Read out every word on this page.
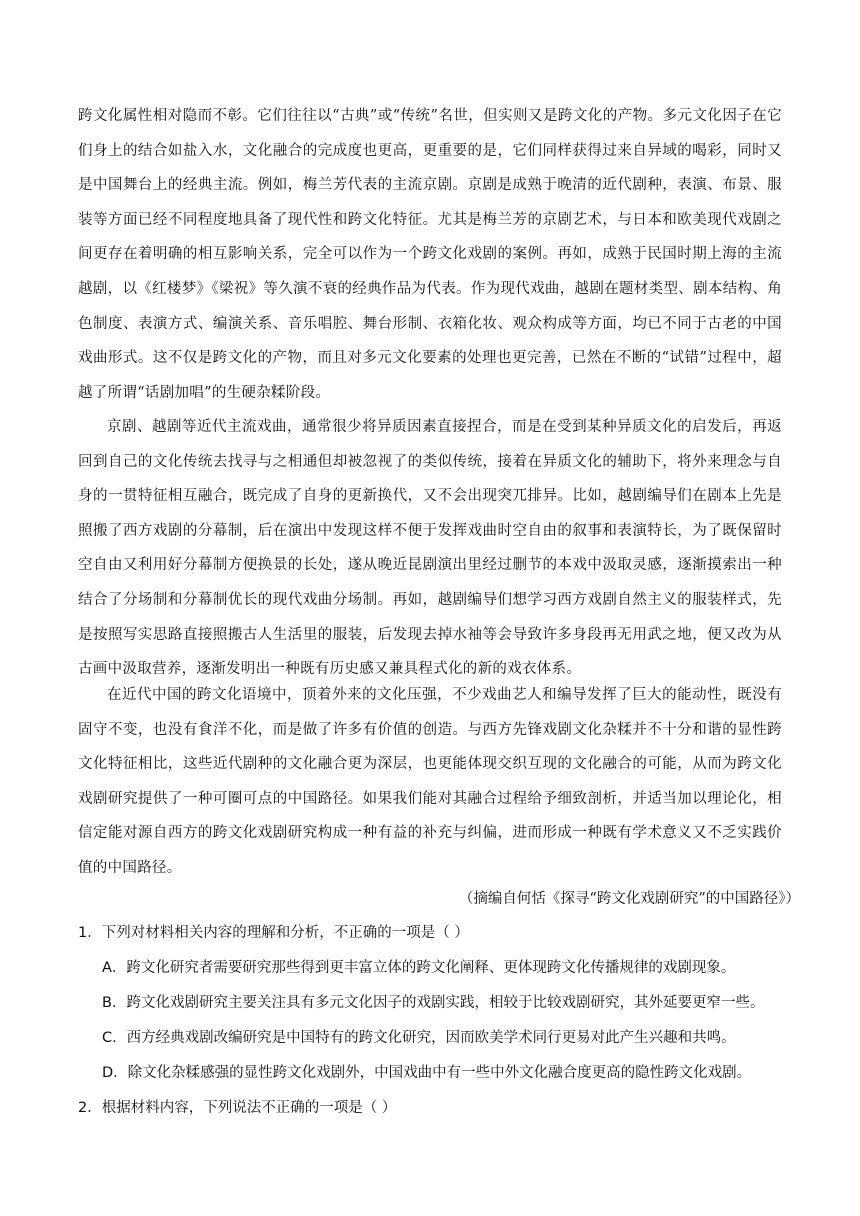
跨文化属性相对隐而不彰。它们往往以“古典”或“传统”名世，但实则又是跨文化的产物。多元文化因子在它们身上的结合如盐入水，文化融合的完成度也更高，更重要的是，它们同样获得过来自异域的喝彩，同时又是中国舞台上的经典主流。例如，梅兰芳代表的主流京剧。京剧是成熟于晚清的近代剧种，表演、布景、服装等方面已经不同程度地具备了现代性和跨文化特征。尤其是梅兰芳的京剧艺术，与日本和欧美现代戏剧之间更存在着明确的相互影响关系，完全可以作为一个跨文化戏剧的案例。再如，成熟于民国时期上海的主流越剧，以《红楼梦》《梁祝》等久演不衰的经典作品为代表。作为现代戏曲，越剧在题材类型、剧本结构、角色制度、表演方式、编演关系、音乐唱腔、舞台形制、衣箱化妆、观众构成等方面，均已不同于古老的中国戏曲形式。这不仅是跨文化的产物，而且对多元文化要素的处理也更完善，已然在不断的“试错”过程中，超越了所谓“话剧加唱”的生硬杂糅阶段。

京剧、越剧等近代主流戏曲，通常很少将异质因素直接捏合，而是在受到某种异质文化的启发后，再返回到自己的文化传统去找寻与之相通但却被忽视了的类似传统，接着在异质文化的辅助下，将外来理念与自身的一贯特征相互融合，既完成了自身的更新换代，又不会出现突兀排异。比如，越剧编导们在剧本上先是照搬了西方戏剧的分幕制，后在演出中发现这样不便于发挥戏曲时空自由的叙事和表演特长，为了既保留时空自由又利用好分幕制方便换景的长处，遂从晚近昆剧演出里经过删节的本戏中汲取灵感，逐渐摸索出一种结合了分场制和分幕制优长的现代戏曲分场制。再如，越剧编导们想学习西方戏剧自然主义的服装样式，先是按照写实思路直接照搬古人生活里的服装，后发现去掉水袖等会导致许多身段再无用武之地，便又改为从古画中汲取营养，逐渐发明出一种既有历史感又兼具程式化的新的戏衣体系。

在近代中国的跨文化语境中，顶着外来的文化压强，不少戏曲艺人和编导发挥了巨大的能动性，既没有固守不变，也没有食洋不化，而是做了许多有价值的创造。与西方先锋戏剧文化杂糅并不十分和谐的显性跨文化特征相比，这些近代剧种的文化融合更为深层，也更能体现交织互现的文化融合的可能，从而为跨文化戏剧研究提供了一种可圈可点的中国路径。如果我们能对其融合过程给予细致剖析，并适当加以理论化，相信定能对源自西方的跨文化戏剧研究构成一种有益的补充与纠偏，进而形成一种既有学术意义又不乏实践价值的中国路径。

（摘编自何恬《探寻“跨文化戏剧研究”的中国路径》）

1．下列对材料相关内容的理解和分析，不正确的一项是（ ）

A．跨文化研究者需要研究那些得到更丰富立体的跨文化阐释、更体现跨文化传播规律的戏剧现象。

B．跨文化戏剧研究主要关注具有多元文化因子的戏剧实践，相较于比较戏剧研究，其外延要更窄一些。

C．西方经典戏剧改编研究是中国特有的跨文化研究，因而欧美学术同行更易对此产生兴趣和共鸣。

D．除文化杂糅感强的显性跨文化戏剧外，中国戏曲中有一些中外文化融合度更高的隐性跨文化戏剧。

2．根据材料内容，下列说法不正确的一项是（ ）
